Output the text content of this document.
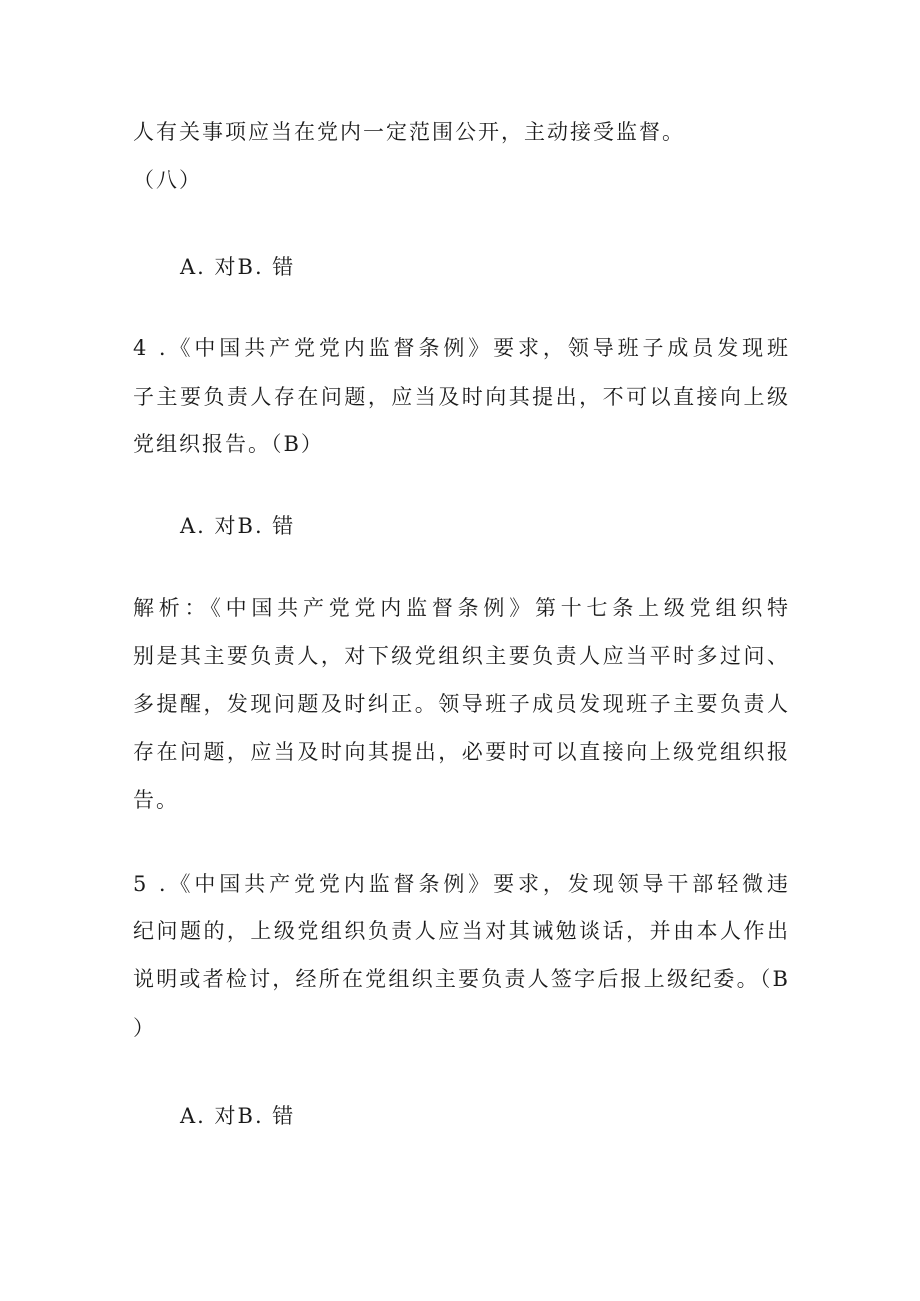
人有关事项应当在党内一定范围公开，主动接受监督。
（八）
A. 对B. 错
4 .《中国共产党党内监督条例》要求，领导班子成员发现班
子主要负责人存在问题，应当及时向其提出，不可以直接向上级
党组织报告。（B）
A. 对B. 错
解析：《中国共产党党内监督条例》第十七条上级党组织特
别是其主要负责人，对下级党组织主要负责人应当平时多过问、
多提醒，发现问题及时纠正。领导班子成员发现班子主要负责人
存在问题，应当及时向其提出，必要时可以直接向上级党组织报
告。
5 .《中国共产党党内监督条例》要求，发现领导干部轻微违
纪问题的，上级党组织负责人应当对其诫勉谈话，并由本人作出
说明或者检讨，经所在党组织主要负责人签字后报上级纪委。（B
）
A. 对B. 错
